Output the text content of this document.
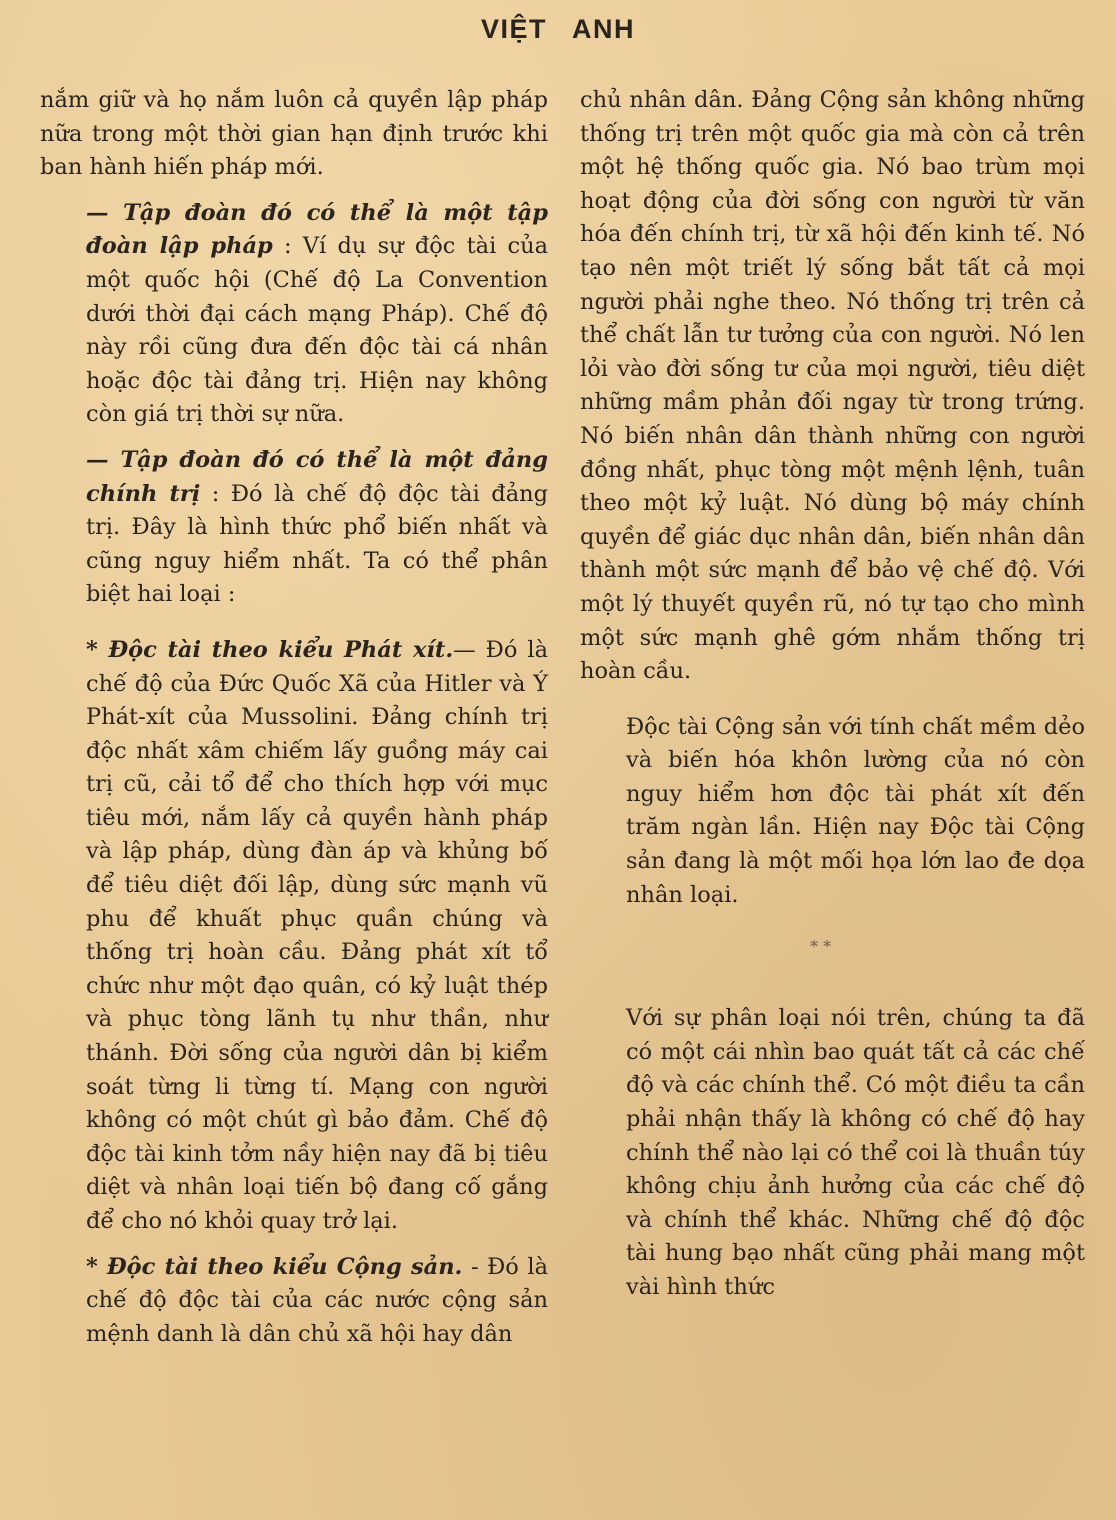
VIỆT ANH

nắm giữ và họ nắm luôn cả quyền lập pháp nữa trong một thời gian hạn định trước khi ban hành hiến pháp mới.

— Tập đoàn đó có thể là một tập đoàn lập pháp : Ví dụ sự độc tài của một quốc hội (Chế độ La Convention dưới thời đại cách mạng Pháp). Chế độ này rồi cũng đưa đến độc tài cá nhân hoặc độc tài đảng trị. Hiện nay không còn giá trị thời sự nữa.

— Tập đoàn đó có thể là một đảng chính trị : Đó là chế độ độc tài đảng trị. Đây là hình thức phổ biến nhất và cũng nguy hiểm nhất. Ta có thể phân biệt hai loại :

* Độc tài theo kiểu Phát xít.— Đó là chế độ của Đức Quốc Xã của Hitler và Ý Phát-xít của Mussolini. Đảng chính trị độc nhất xâm chiếm lấy guồng máy cai trị cũ, cải tổ để cho thích hợp với mục tiêu mới, nắm lấy cả quyền hành pháp và lập pháp, dùng đàn áp và khủng bố để tiêu diệt đối lập, dùng sức mạnh vũ phu để khuất phục quần chúng và thống trị hoàn cầu. Đảng phát xít tổ chức như một đạo quân, có kỷ luật thép và phục tòng lãnh tụ như thần, như thánh. Đời sống của người dân bị kiểm soát từng li từng tí. Mạng con người không có một chút gì bảo đảm. Chế độ độc tài kinh tởm nầy hiện nay đã bị tiêu diệt và nhân loại tiến bộ đang cố gắng để cho nó khỏi quay trở lại.

* Độc tài theo kiểu Cộng sản. - Đó là chế độ độc tài của các nước cộng sản mệnh danh là dân chủ xã hội hay dân

chủ nhân dân. Đảng Cộng sản không những thống trị trên một quốc gia mà còn cả trên một hệ thống quốc gia. Nó bao trùm mọi hoạt động của đời sống con người từ văn hóa đến chính trị, từ xã hội đến kinh tế. Nó tạo nên một triết lý sống bắt tất cả mọi người phải nghe theo. Nó thống trị trên cả thể chất lẫn tư tưởng của con người. Nó len lỏi vào đời sống tư của mọi người, tiêu diệt những mầm phản đối ngay từ trong trứng. Nó biến nhân dân thành những con người đồng nhất, phục tòng một mệnh lệnh, tuân theo một kỷ luật. Nó dùng bộ máy chính quyền để giác dục nhân dân, biến nhân dân thành một sức mạnh để bảo vệ chế độ. Với một lý thuyết quyền rũ, nó tự tạo cho mình một sức mạnh ghê gớm nhắm thống trị hoàn cầu.

Độc tài Cộng sản với tính chất mềm dẻo và biến hóa khôn lường của nó còn nguy hiểm hơn độc tài phát xít đến trăm ngàn lần. Hiện nay Độc tài Cộng sản đang là một mối họa lớn lao đe dọa nhân loại.

* *

Với sự phân loại nói trên, chúng ta đã có một cái nhìn bao quát tất cả các chế độ và các chính thể. Có một điều ta cần phải nhận thấy là không có chế độ hay chính thể nào lại có thể coi là thuần túy không chịu ảnh hưởng của các chế độ và chính thể khác. Những chế độ độc tài hung bạo nhất cũng phải mang một vài hình thức
